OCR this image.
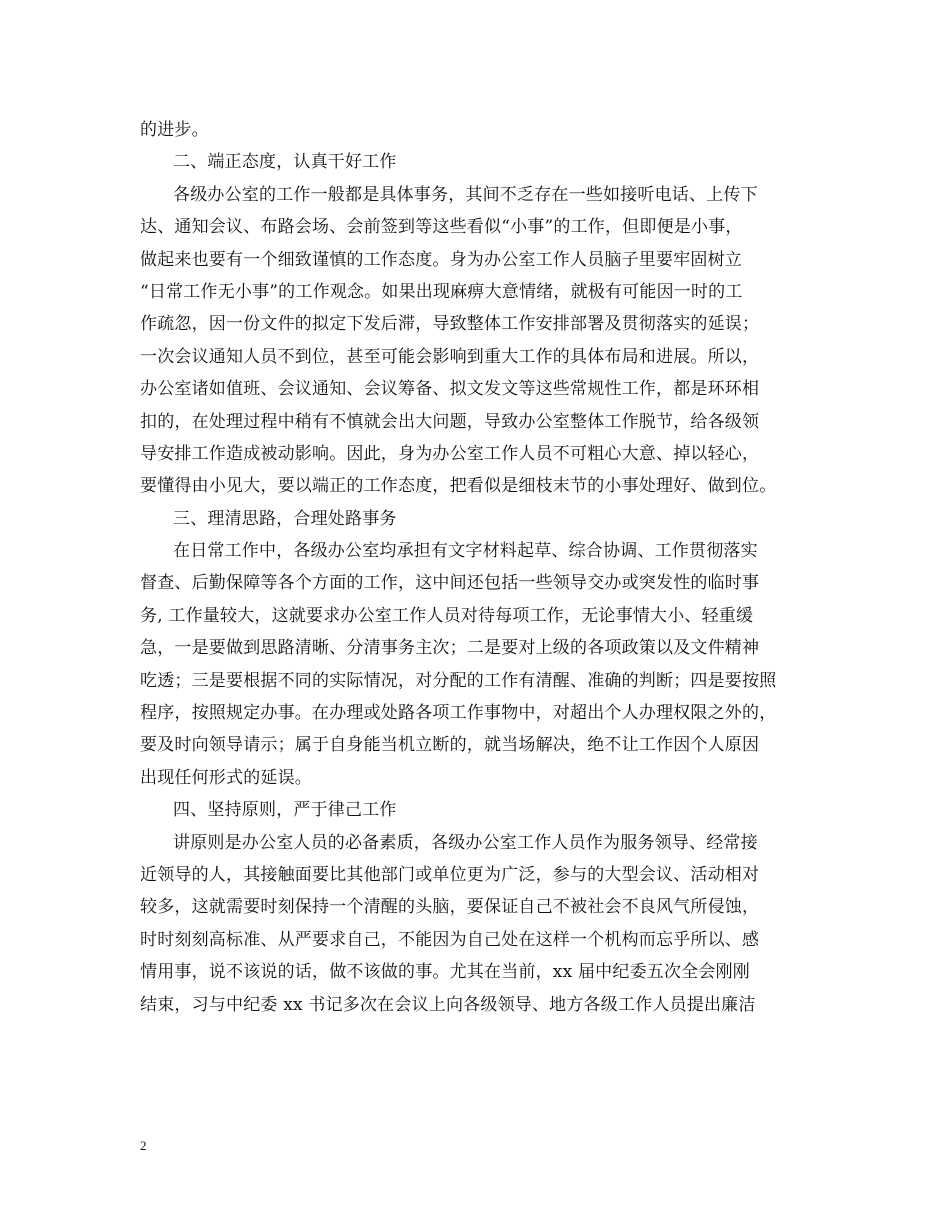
的进步。
二、端正态度，认真干好工作
各级办公室的工作一般都是具体事务，其间不乏存在一些如接听电话、上传下
达、通知会议、布路会场、会前签到等这些看似“小事”的工作，但即便是小事，
做起来也要有一个细致谨慎的工作态度。身为办公室工作人员脑子里要牢固树立
“日常工作无小事”的工作观念。如果出现麻痹大意情绪，就极有可能因一时的工
作疏忽，因一份文件的拟定下发后滞，导致整体工作安排部署及贯彻落实的延误；
一次会议通知人员不到位，甚至可能会影响到重大工作的具体布局和进展。所以，
办公室诸如值班、会议通知、会议筹备、拟文发文等这些常规性工作，都是环环相
扣的，在处理过程中稍有不慎就会出大问题，导致办公室整体工作脱节，给各级领
导安排工作造成被动影响。因此，身为办公室工作人员不可粗心大意、掉以轻心，
要懂得由小见大，要以端正的工作态度，把看似是细枝末节的小事处理好、做到位。
三、理清思路，合理处路事务
在日常工作中，各级办公室均承担有文字材料起草、综合协调、工作贯彻落实
督查、后勤保障等各个方面的工作，这中间还包括一些领导交办或突发性的临时事
务, 工作量较大，这就要求办公室工作人员对待每项工作，无论事情大小、轻重缓
急，一是要做到思路清晰、分清事务主次；二是要对上级的各项政策以及文件精神
吃透；三是要根据不同的实际情况，对分配的工作有清醒、准确的判断；四是要按照
程序，按照规定办事。在办理或处路各项工作事物中，对超出个人办理权限之外的，
要及时向领导请示；属于自身能当机立断的，就当场解决，绝不让工作因个人原因
出现任何形式的延误。
四、坚持原则，严于律己工作
讲原则是办公室人员的必备素质，各级办公室工作人员作为服务领导、经常接
近领导的人，其接触面要比其他部门或单位更为广泛，参与的大型会议、活动相对
较多，这就需要时刻保持一个清醒的头脑，要保证自己不被社会不良风气所侵蚀，
时时刻刻高标准、从严要求自己，不能因为自己处在这样一个机构而忘乎所以、感
情用事，说不该说的话，做不该做的事。尤其在当前，xx 届中纪委五次全会刚刚
结束，习与中纪委 xx 书记多次在会议上向各级领导、地方各级工作人员提出廉洁
2
